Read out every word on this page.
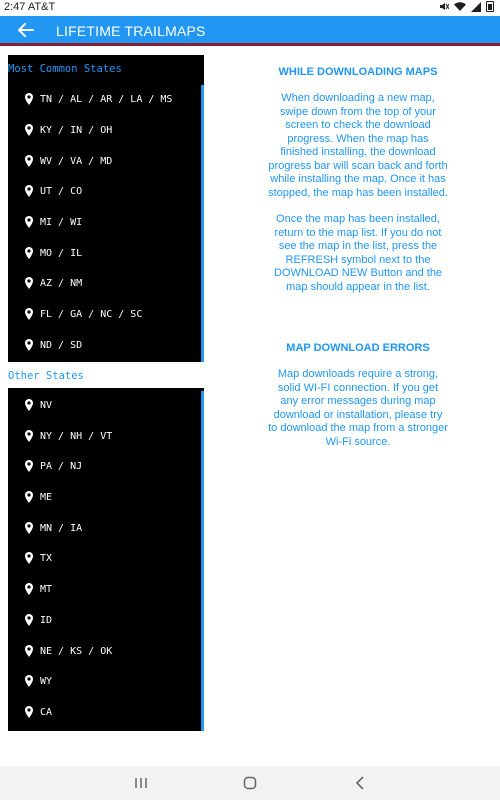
2:47 AT&T
LIFETIME TRAILMAPS
Most Common States
TN / AL / AR / LA / MS
KY / IN / OH
WV / VA / MD
UT / CO
MI / WI
MO / IL
AZ / NM
FL / GA / NC / SC
ND / SD
Other States
NV
NY / NH / VT
PA / NJ
ME
MN / IA
TX
MT
ID
NE / KS / OK
WY
CA
WHILE DOWNLOADING MAPS
When downloading a new map, swipe down from the top of your screen to check the download progress. When the map has finished installing, the download progress bar will scan back and forth while installing the map. Once it has stopped, the map has been installed.
Once the map has been installed, return to the map list. If you do not see the map in the list, press the REFRESH symbol next to the DOWNLOAD NEW Button and the map should appear in the list.
MAP DOWNLOAD ERRORS
Map downloads require a strong, solid WI-FI connection. If you get any error messages during map download or installation, please try to download the map from a stronger Wi-Fi source.
